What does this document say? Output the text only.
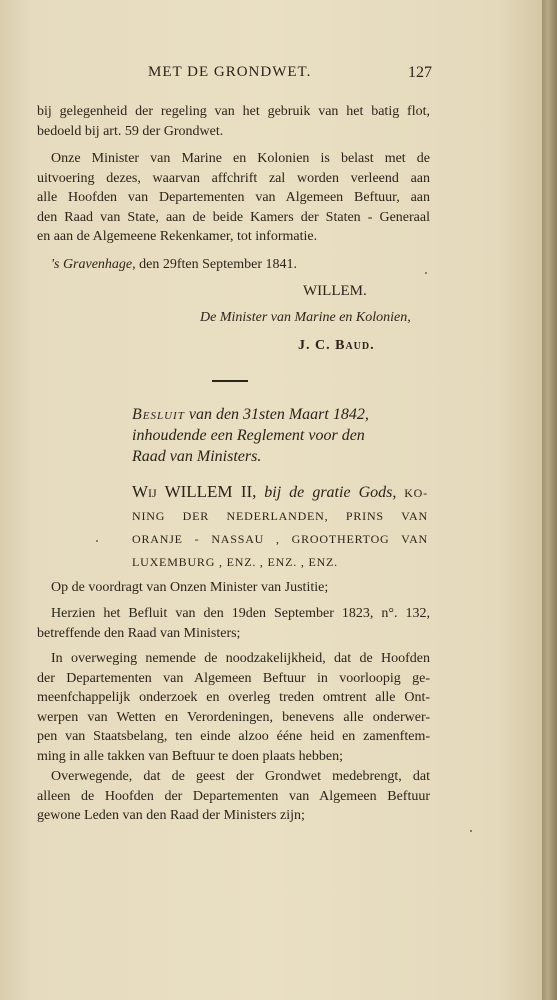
MET DE GRONDWET.	127
bij gelegenheid der regeling van het gebruik van het batig flot,
bedoeld bij art. 59 der Grondwet.
Onze Minister van Marine en Kolonien is belast met de
uitvoering dezes, waarvan affchrift zal worden verleend aan
alle Hoofden van Departementen van Algemeen Beftuur, aan
den Raad van State, aan de beide Kamers der Staten - Generaal
en aan de Algemeene Rekenkamer, tot informatie.
's Gravenhage, den 29ften September 1841.
WILLEM.
De Minister van Marine en Kolonien,
J. C. Baud.
Besluit van den 31sten Maart 1842,
inhoudende een Reglement voor den
Raad van Ministers.
Wij WILLEM II, bij de gratie Gods, KO-
NING DER NEDERLANDEN, PRINS VAN
ORANJE - NASSAU , GROOTHERTOG VAN
LUXEMBURG , ENZ. , ENZ. , ENZ.
Op de voordragt van Onzen Minister van Justitie;
Herzien het Befluit van den 19den September 1823, n°. 132,
betreffende den Raad van Ministers;
In overweging nemende de noodzakelijkheid, dat de Hoofden
der Departementen van Algemeen Beftuur in voorloopig ge-
meenfchappelijk onderzoek en overleg treden omtrent alle Ont-
werpen van Wetten en Verordeningen, benevens alle onderwer-
pen van Staatsbelang, ten einde alzoo ééne heid en zamenftem-
ming in alle takken van Beftuur te doen plaats hebben;
Overwegende, dat de geest der Grondwet medebrengt, dat
alleen de Hoofden der Departementen van Algemeen Beftuur
gewone Leden van den Raad der Ministers zijn;
